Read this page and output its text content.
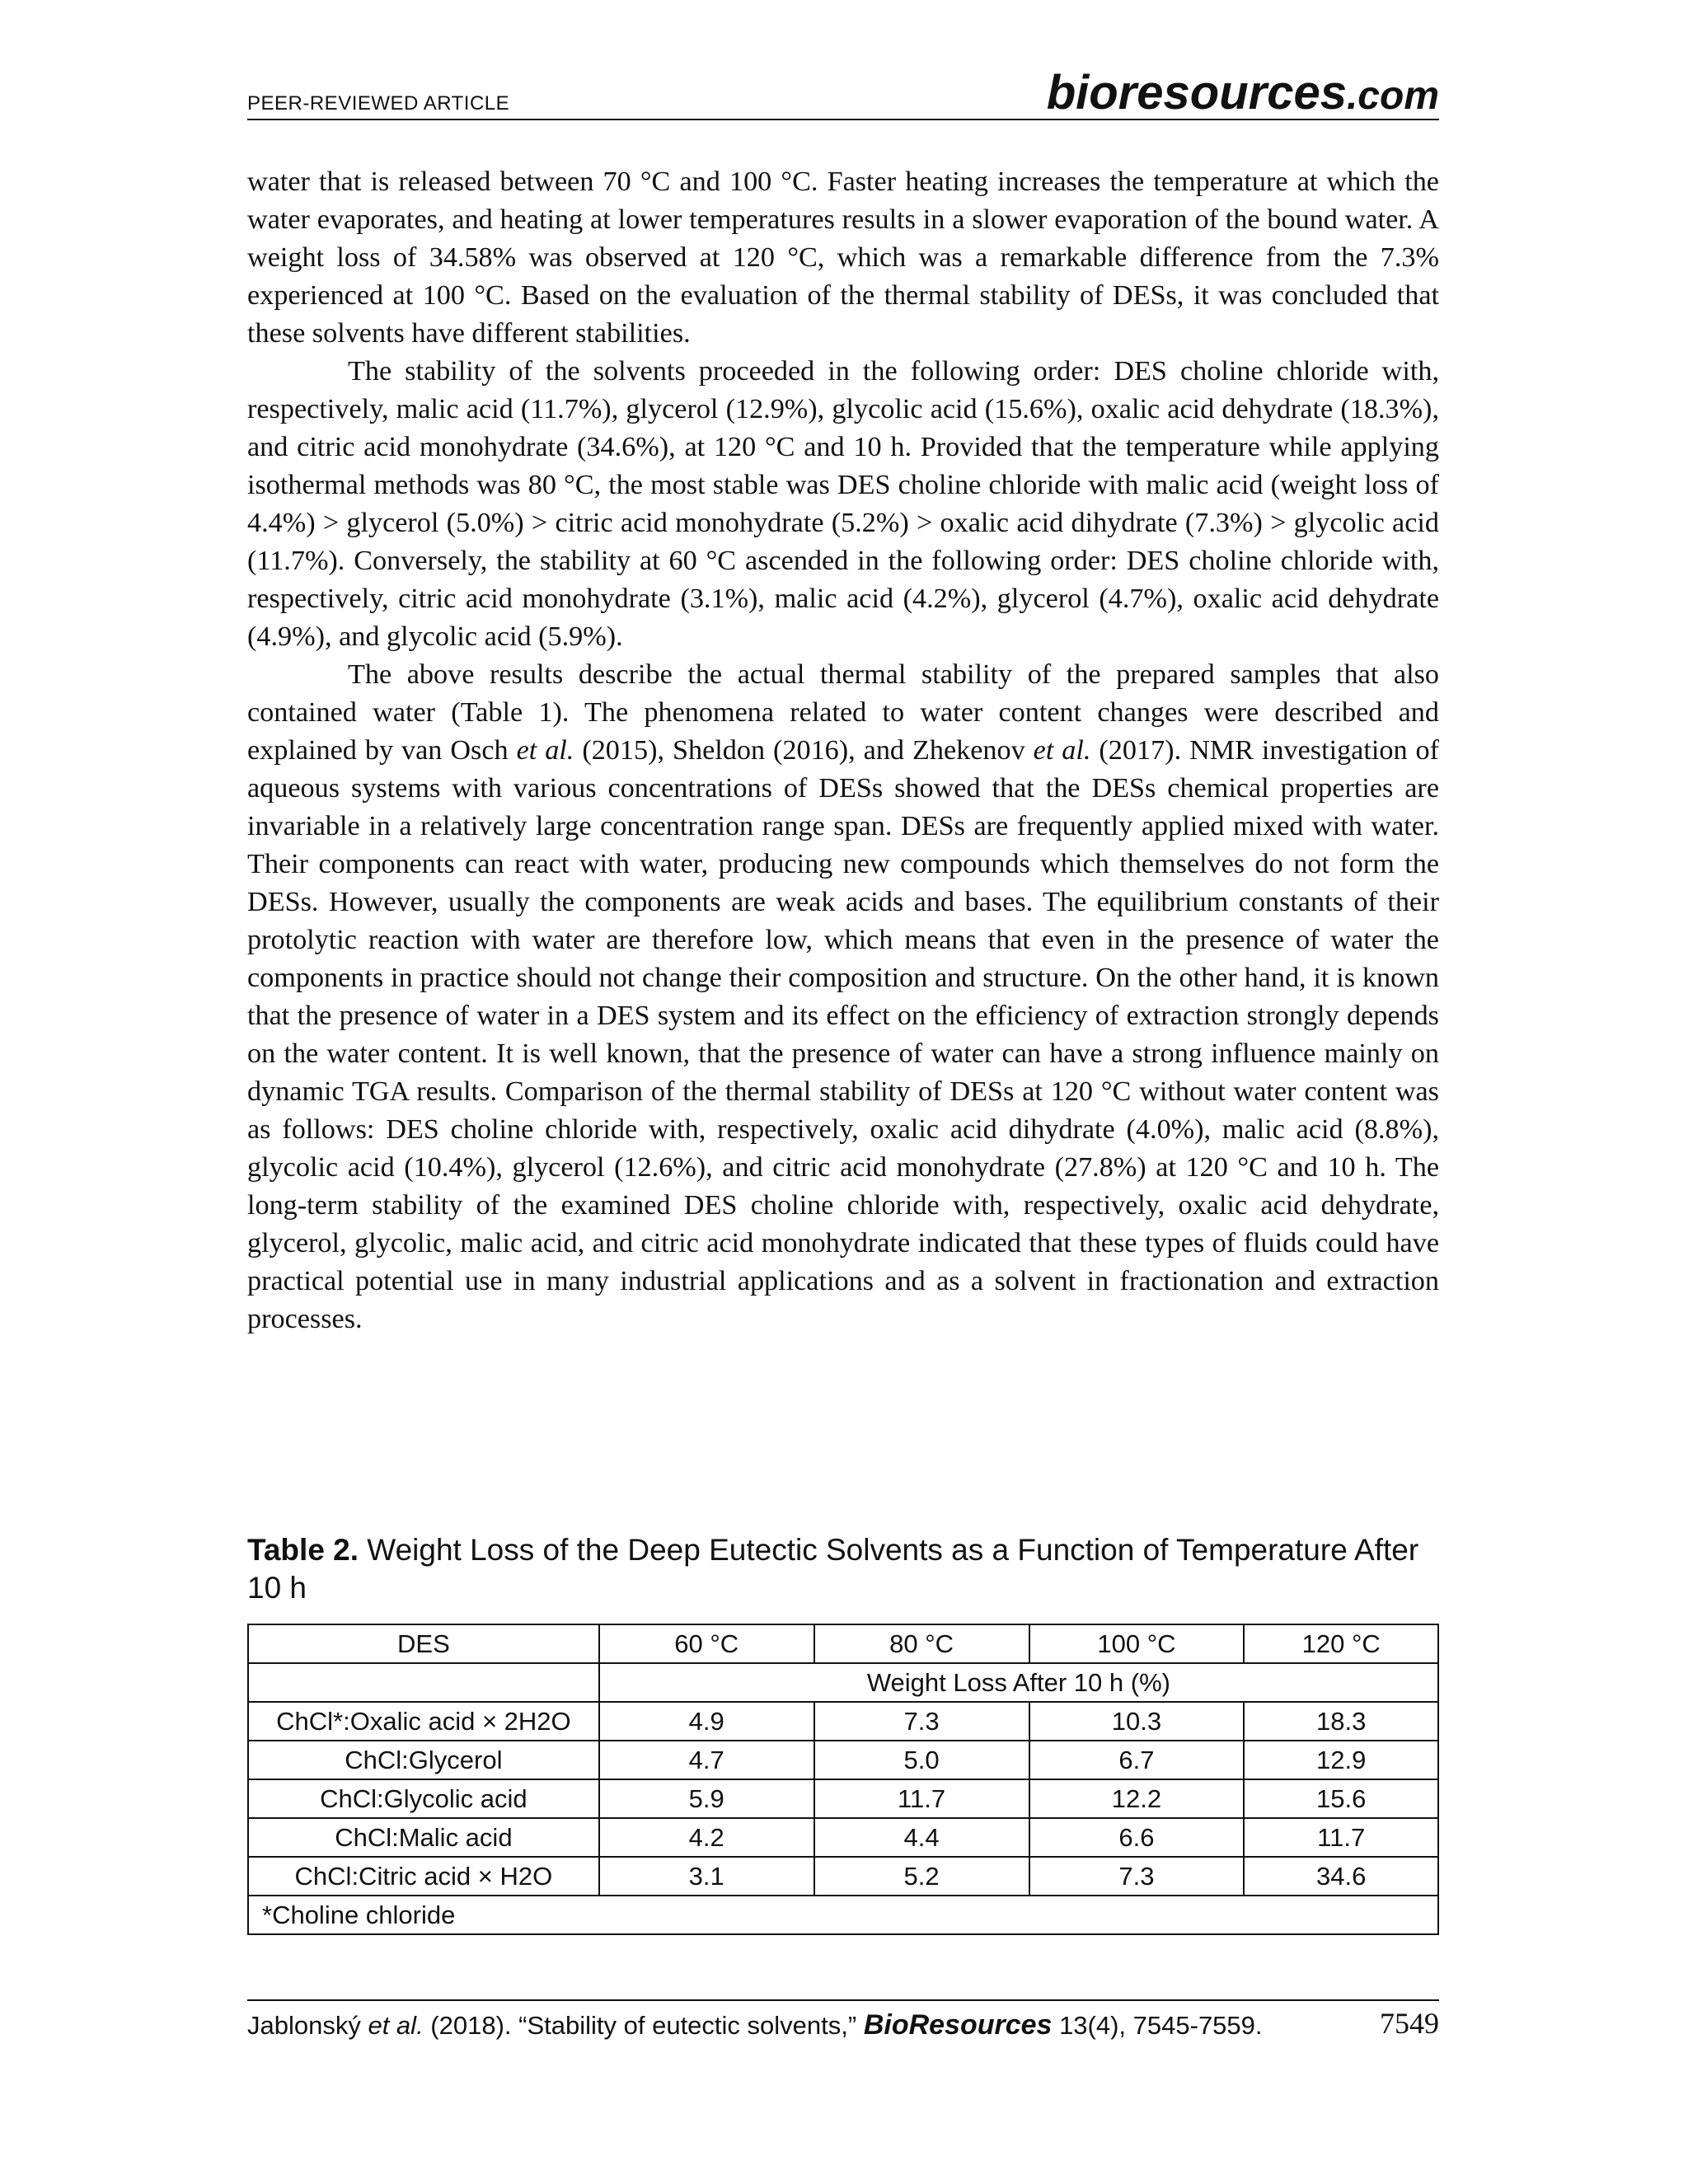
PEER-REVIEWED ARTICLE	bioresources.com

water that is released between 70 °C and 100 °C. Faster heating increases the temperature at which the water evaporates, and heating at lower temperatures results in a slower evaporation of the bound water. A weight loss of 34.58% was observed at 120 °C, which was a remarkable difference from the 7.3% experienced at 100 °C. Based on the evaluation of the thermal stability of DESs, it was concluded that these solvents have different stabilities.

The stability of the solvents proceeded in the following order: DES choline chloride with, respectively, malic acid (11.7%), glycerol (12.9%), glycolic acid (15.6%), oxalic acid dehydrate (18.3%), and citric acid monohydrate (34.6%), at 120 °C and 10 h. Provided that the temperature while applying isothermal methods was 80 °C, the most stable was DES choline chloride with malic acid (weight loss of 4.4%) > glycerol (5.0%) > citric acid monohydrate (5.2%) > oxalic acid dihydrate (7.3%) > glycolic acid (11.7%). Conversely, the stability at 60 °C ascended in the following order: DES choline chloride with, respectively, citric acid monohydrate (3.1%), malic acid (4.2%), glycerol (4.7%), oxalic acid dehydrate (4.9%), and glycolic acid (5.9%).

The above results describe the actual thermal stability of the prepared samples that also contained water (Table 1). The phenomena related to water content changes were described and explained by van Osch et al. (2015), Sheldon (2016), and Zhekenov et al. (2017). NMR investigation of aqueous systems with various concentrations of DESs showed that the DESs chemical properties are invariable in a relatively large concentration range span. DESs are frequently applied mixed with water. Their components can react with water, producing new compounds which themselves do not form the DESs. However, usually the components are weak acids and bases. The equilibrium constants of their protolytic reaction with water are therefore low, which means that even in the presence of water the components in practice should not change their composition and structure. On the other hand, it is known that the presence of water in a DES system and its effect on the efficiency of extraction strongly depends on the water content. It is well known, that the presence of water can have a strong influence mainly on dynamic TGA results. Comparison of the thermal stability of DESs at 120 °C without water content was as follows: DES choline chloride with, respectively, oxalic acid dihydrate (4.0%), malic acid (8.8%), glycolic acid (10.4%), glycerol (12.6%), and citric acid monohydrate (27.8%) at 120 °C and 10 h. The long-term stability of the examined DES choline chloride with, respectively, oxalic acid dehydrate, glycerol, glycolic, malic acid, and citric acid monohydrate indicated that these types of fluids could have practical potential use in many industrial applications and as a solvent in fractionation and extraction processes.

Table 2. Weight Loss of the Deep Eutectic Solvents as a Function of Temperature After 10 h
DES	60 °C	80 °C	100 °C	120 °C
	Weight Loss After 10 h (%)			
ChCl*:Oxalic acid × 2H2O	4.9	7.3	10.3	18.3
ChCl:Glycerol	4.7	5.0	6.7	12.9
ChCl:Glycolic acid	5.9	11.7	12.2	15.6
ChCl:Malic acid	4.2	4.4	6.6	11.7
ChCl:Citric acid × H2O	3.1	5.2	7.3	34.6
*Choline chloride				
Jablonský et al. (2018). “Stability of eutectic solvents,” BioResources 13(4), 7545-7559.	7549
